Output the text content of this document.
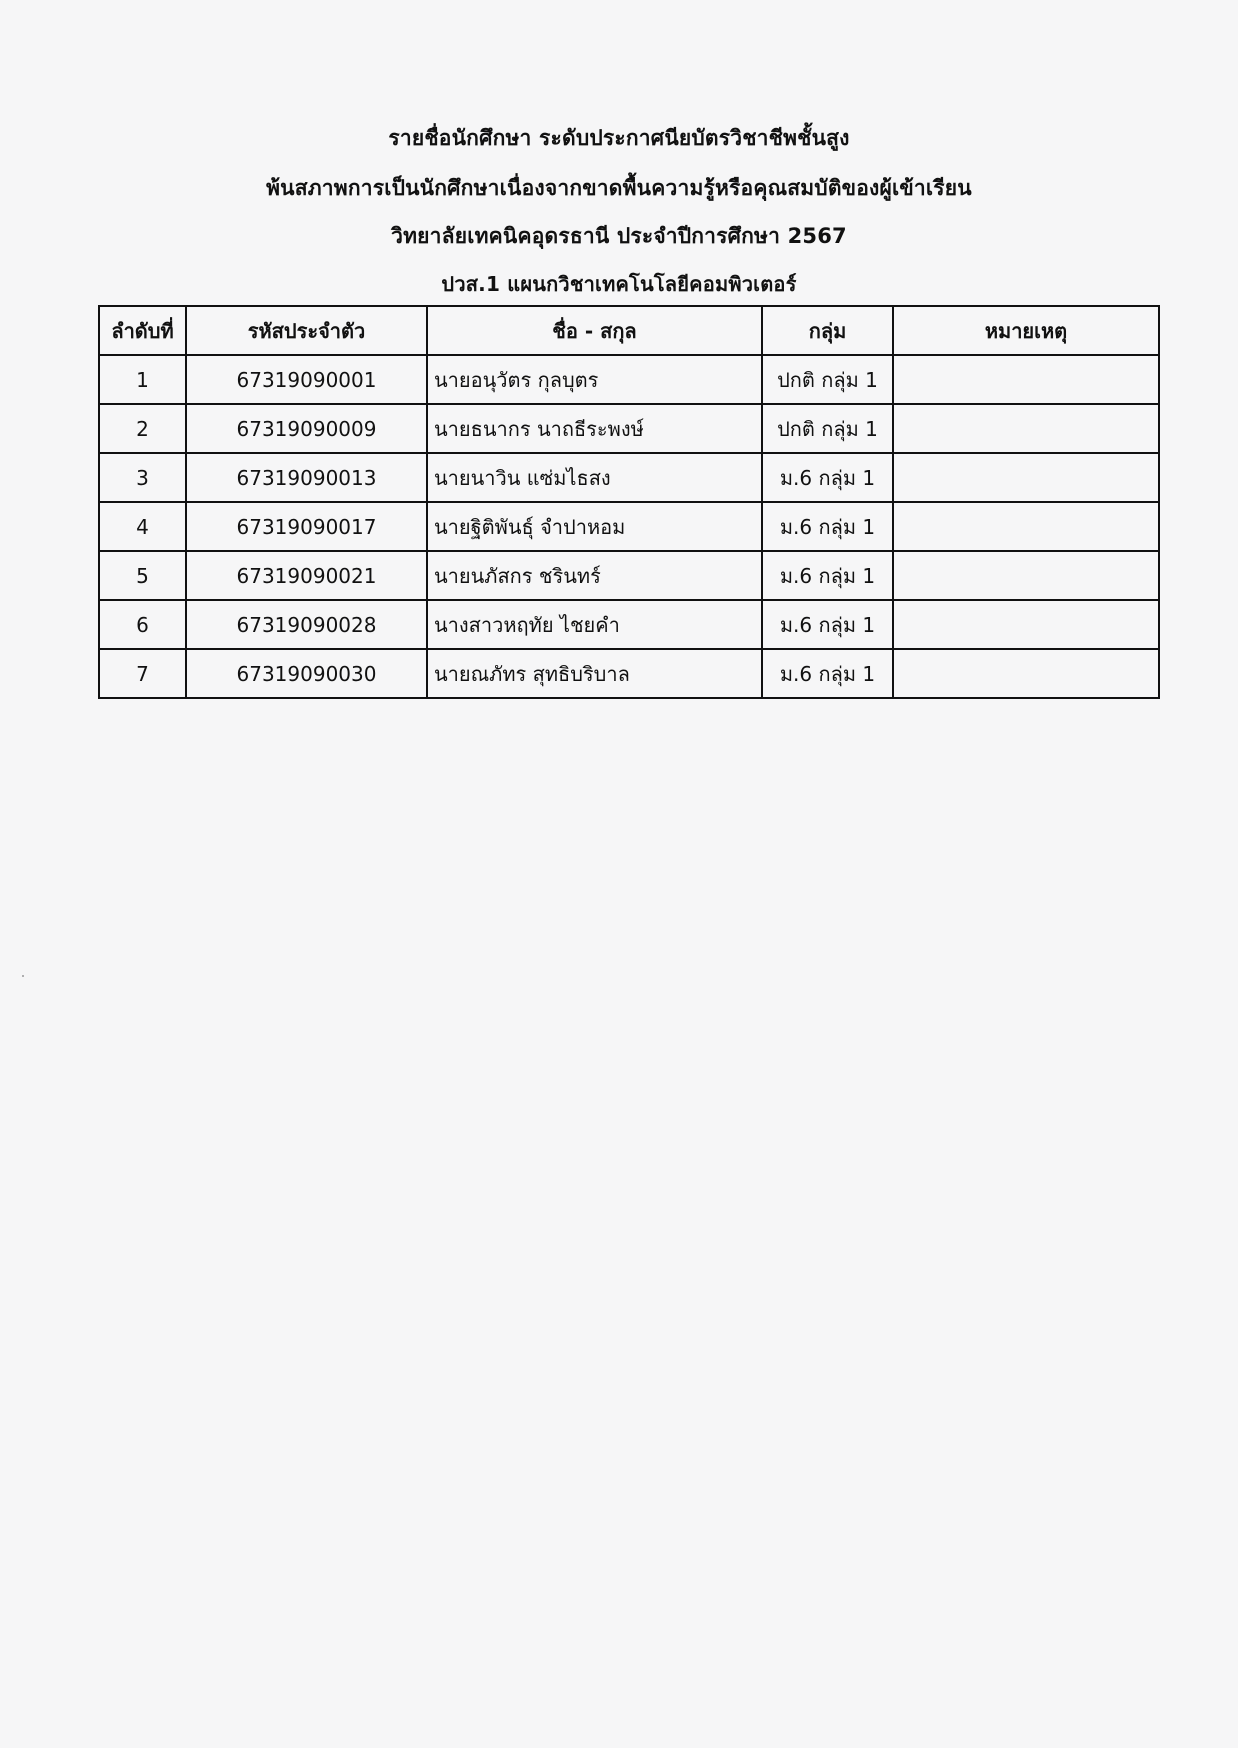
รายชื่อนักศึกษา ระดับประกาศนียบัตรวิชาชีพชั้นสูง
พ้นสภาพการเป็นนักศึกษาเนื่องจากขาดพื้นความรู้หรือคุณสมบัติของผู้เข้าเรียน
วิทยาลัยเทคนิคอุดรธานี ประจำปีการศึกษา 2567
ปวส.1 แผนกวิชาเทคโนโลยีคอมพิวเตอร์
ลำดับที่	รหัสประจำตัว	ชื่อ - สกุล	กลุ่ม	หมายเหตุ
1	67319090001	นายอนุวัตร กุลบุตร	ปกติ กลุ่ม 1	
2	67319090009	นายธนากร นาถธีระพงษ์	ปกติ กลุ่ม 1	
3	67319090013	นายนาวิน แซ่มไธสง	ม.6 กลุ่ม 1	
4	67319090017	นายฐิติพันธุ์ จำปาหอม	ม.6 กลุ่ม 1	
5	67319090021	นายนภัสกร ชรินทร์	ม.6 กลุ่ม 1	
6	67319090028	นางสาวหฤทัย ไชยคำ	ม.6 กลุ่ม 1	
7	67319090030	นายณภัทร สุทธิบริบาล	ม.6 กลุ่ม 1	
